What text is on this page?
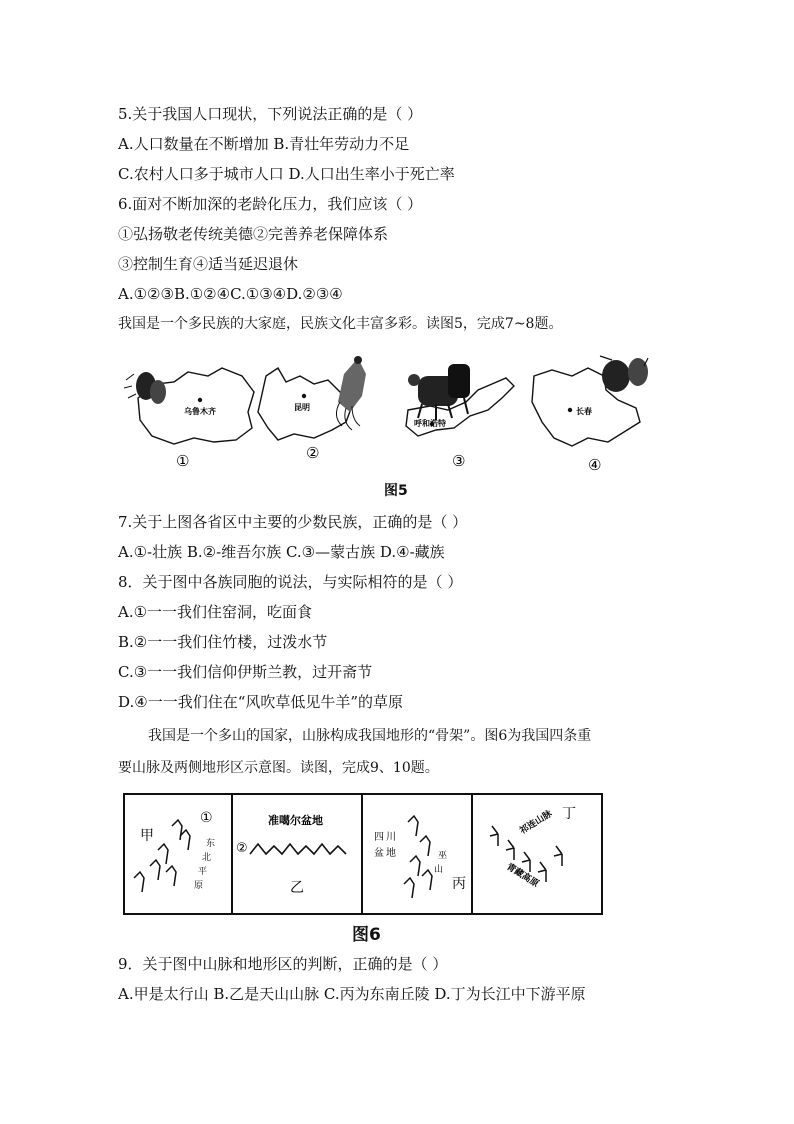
5.关于我国人口现状，下列说法正确的是（ ）
A.人口数量在不断增加 B.青壮年劳动力不足
C.农村人口多于城市人口 D.人口出生率小于死亡率
6.面对不断加深的老龄化压力，我们应该（ ）
①弘扬敬老传统美德②完善养老保障体系
③控制生育④适当延迟退休
A.①②③B.①②④C.①③④D.②③④
我国是一个多民族的大家庭，民族文化丰富多彩。读图5，完成7~8题。
乌鲁木齐
①
昆明
②
呼和浩特
③
长春
④
图5
7.关于上图各省区中主要的少数民族，正确的是（ ）
A.①-壮族 B.②-维吾尔族 C.③—蒙古族 D.④-藏族
8．关于图中各族同胞的说法，与实际相符的是（ ）
A.①一一我们住窑洞，吃面食
B.②一一我们住竹楼，过泼水节
C.③一一我们信仰伊斯兰教，过开斋节
D.④一一我们住在“风吹草低见牛羊”的草原
我国是一个多山的国家，山脉构成我国地形的“骨架”。图6为我国四条重
要山脉及两侧地形区示意图。读图，完成9、10题。
甲
①
东
北
平
原
准噶尔盆地
②
乙
四 川
盆 地	巫
山
丙
丁
祁连山脉
青藏高原
图6
9．关于图中山脉和地形区的判断，正确的是（ ）
A.甲是太行山 B.乙是天山山脉 C.丙为东南丘陵 D.丁为长江中下游平原
